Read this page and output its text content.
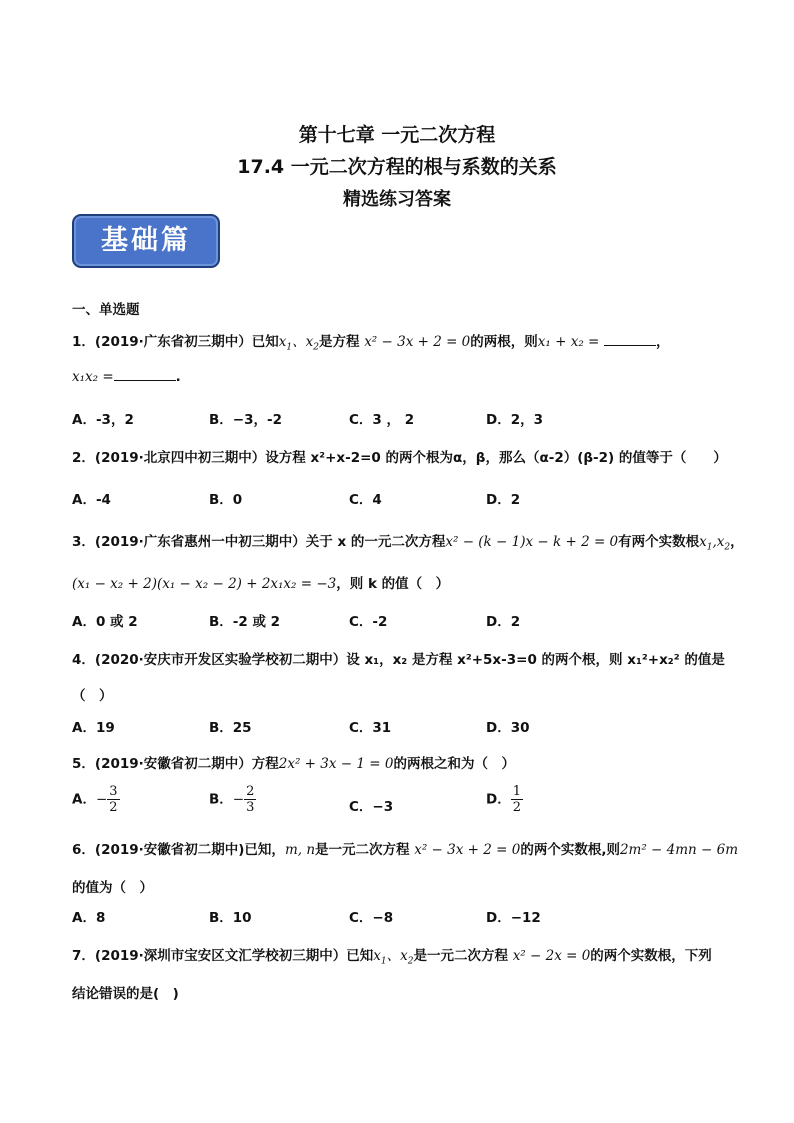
第十七章 一元二次方程
17.4 一元二次方程的根与系数的关系
精选练习答案
基础篇
一、单选题
1．(2019·广东省初三期中）已知$x_1$、$x_2$是方程 x² − 3x + 2 = 0的两根，则x₁ + x₂ =	，
x₁x₂ =	.
A．-3，2	B．−3，-2	C．3 ， 2	D．2，3
2．(2019·北京四中初三期中）设方程 x²+x-2=0 的两个根为α，β，那么（α-2）(β-2) 的值等于（　　）
A．-4	B．0	C．4	D．2
3．(2019·广东省惠州一中初三期中）关于 x 的一元二次方程x² − (k − 1)x − k + 2 = 0有两个实数根$x_1,x_2$，
(x₁ − x₂ + 2)(x₁ − x₂ − 2) + 2x₁x₂ = −3，则 k 的值（　）
A．0 或 2	B．-2 或 2	C．-2	D．2
4．(2020·安庆市开发区实验学校初二期中）设 x₁，x₂ 是方程 x²+5x-3=0 的两个根，则 x₁²+x₂² 的值是
（　）
A．19	B．25	C．31	D．30
5．(2019·安徽省初二期中）方程2x² + 3x − 1 = 0的两根之和为（　）
A．− $\frac{3}{2}$	B．− $\frac{2}{3}$	C．−3	D． $\frac{1}{2}$
6．(2019·安徽省初二期中)已知，m, n是一元二次方程 x² − 3x + 2 = 0的两个实数根,则2m² − 4mn − 6m
的值为（　）
A．8	B．10	C．−8	D．−12
7．(2019·深圳市宝安区文汇学校初三期中）已知$x_1$、$x_2$是一元二次方程 x² − 2x = 0的两个实数根，下列
结论错误的是(　)
